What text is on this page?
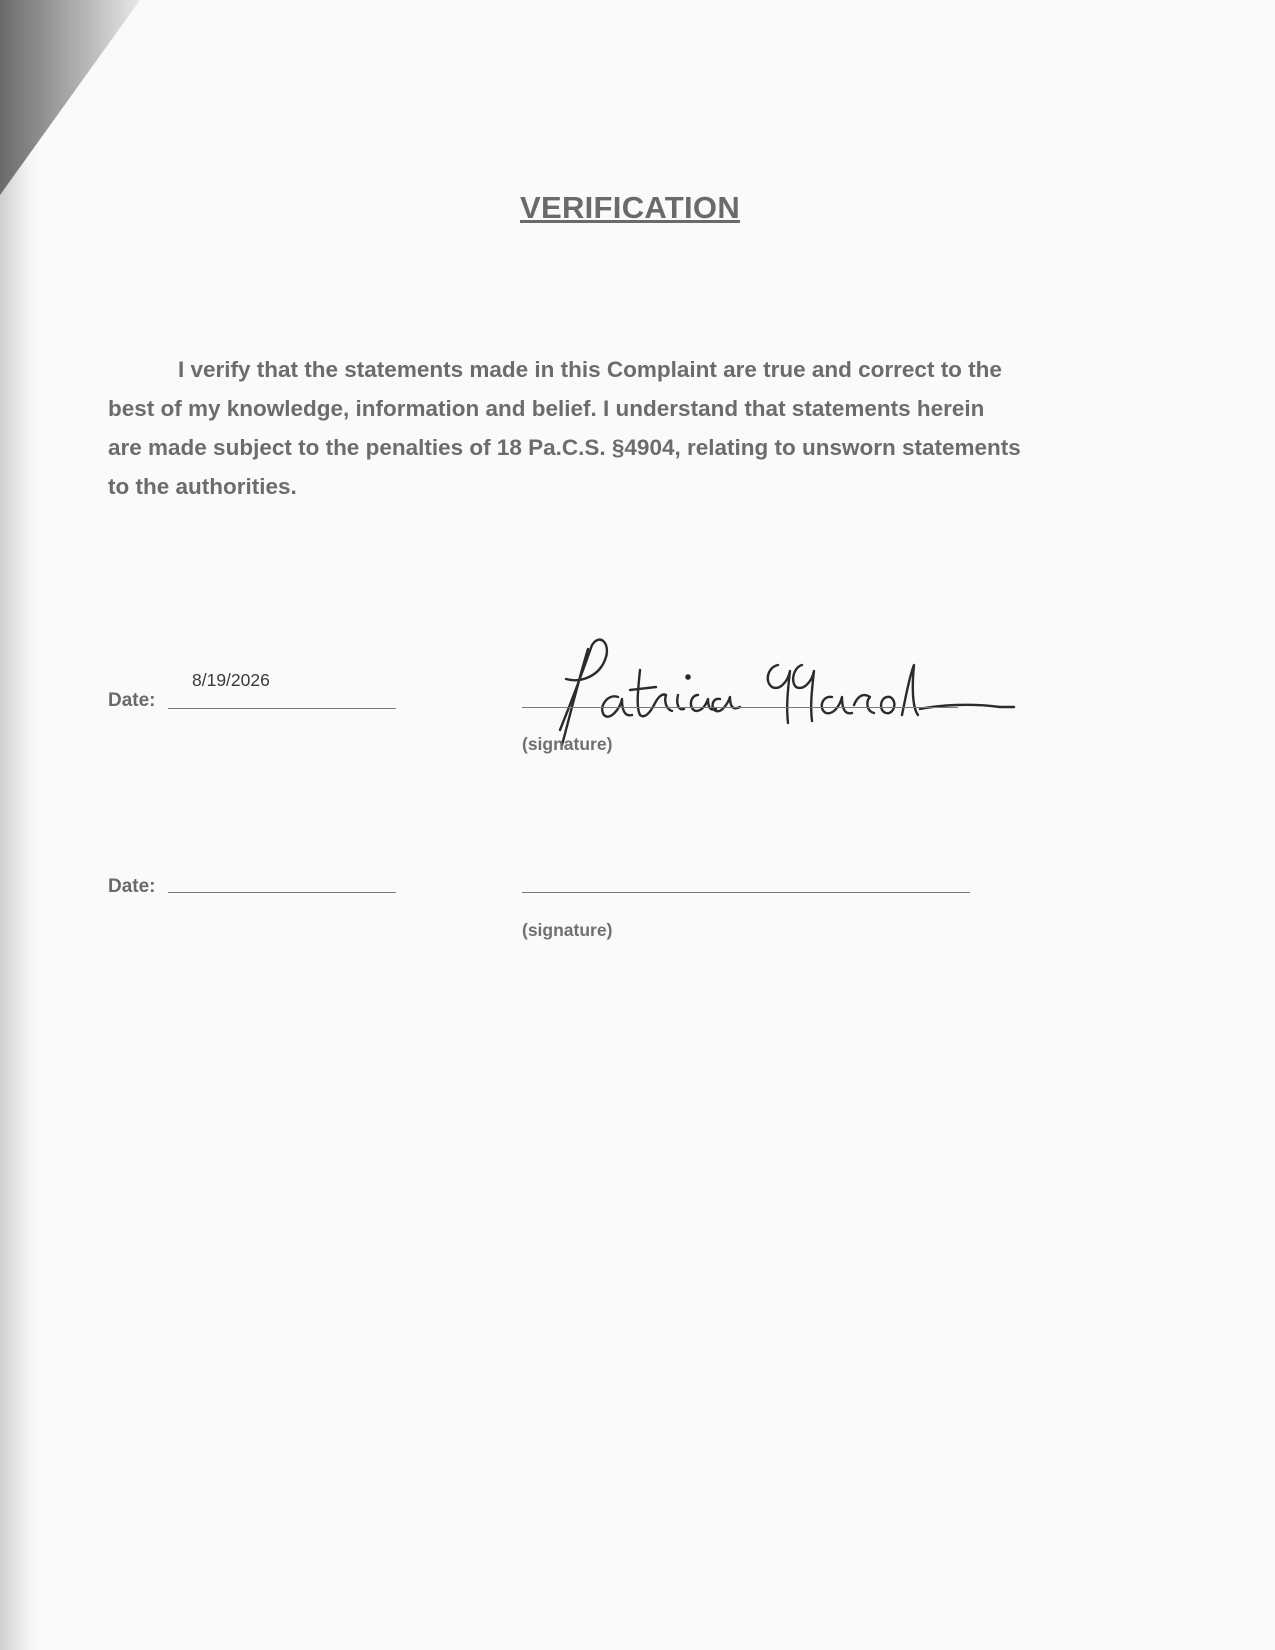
VERIFICATION
I verify that the statements made in this Complaint are true and correct to the
best of my knowledge, information and belief. I understand that statements herein
are made subject to the penalties of 18 Pa.C.S. §4904, relating to unsworn statements
to the authorities.
Date:
8/19/2026
Patricia Harold
(signature)
Date:
(signature)
